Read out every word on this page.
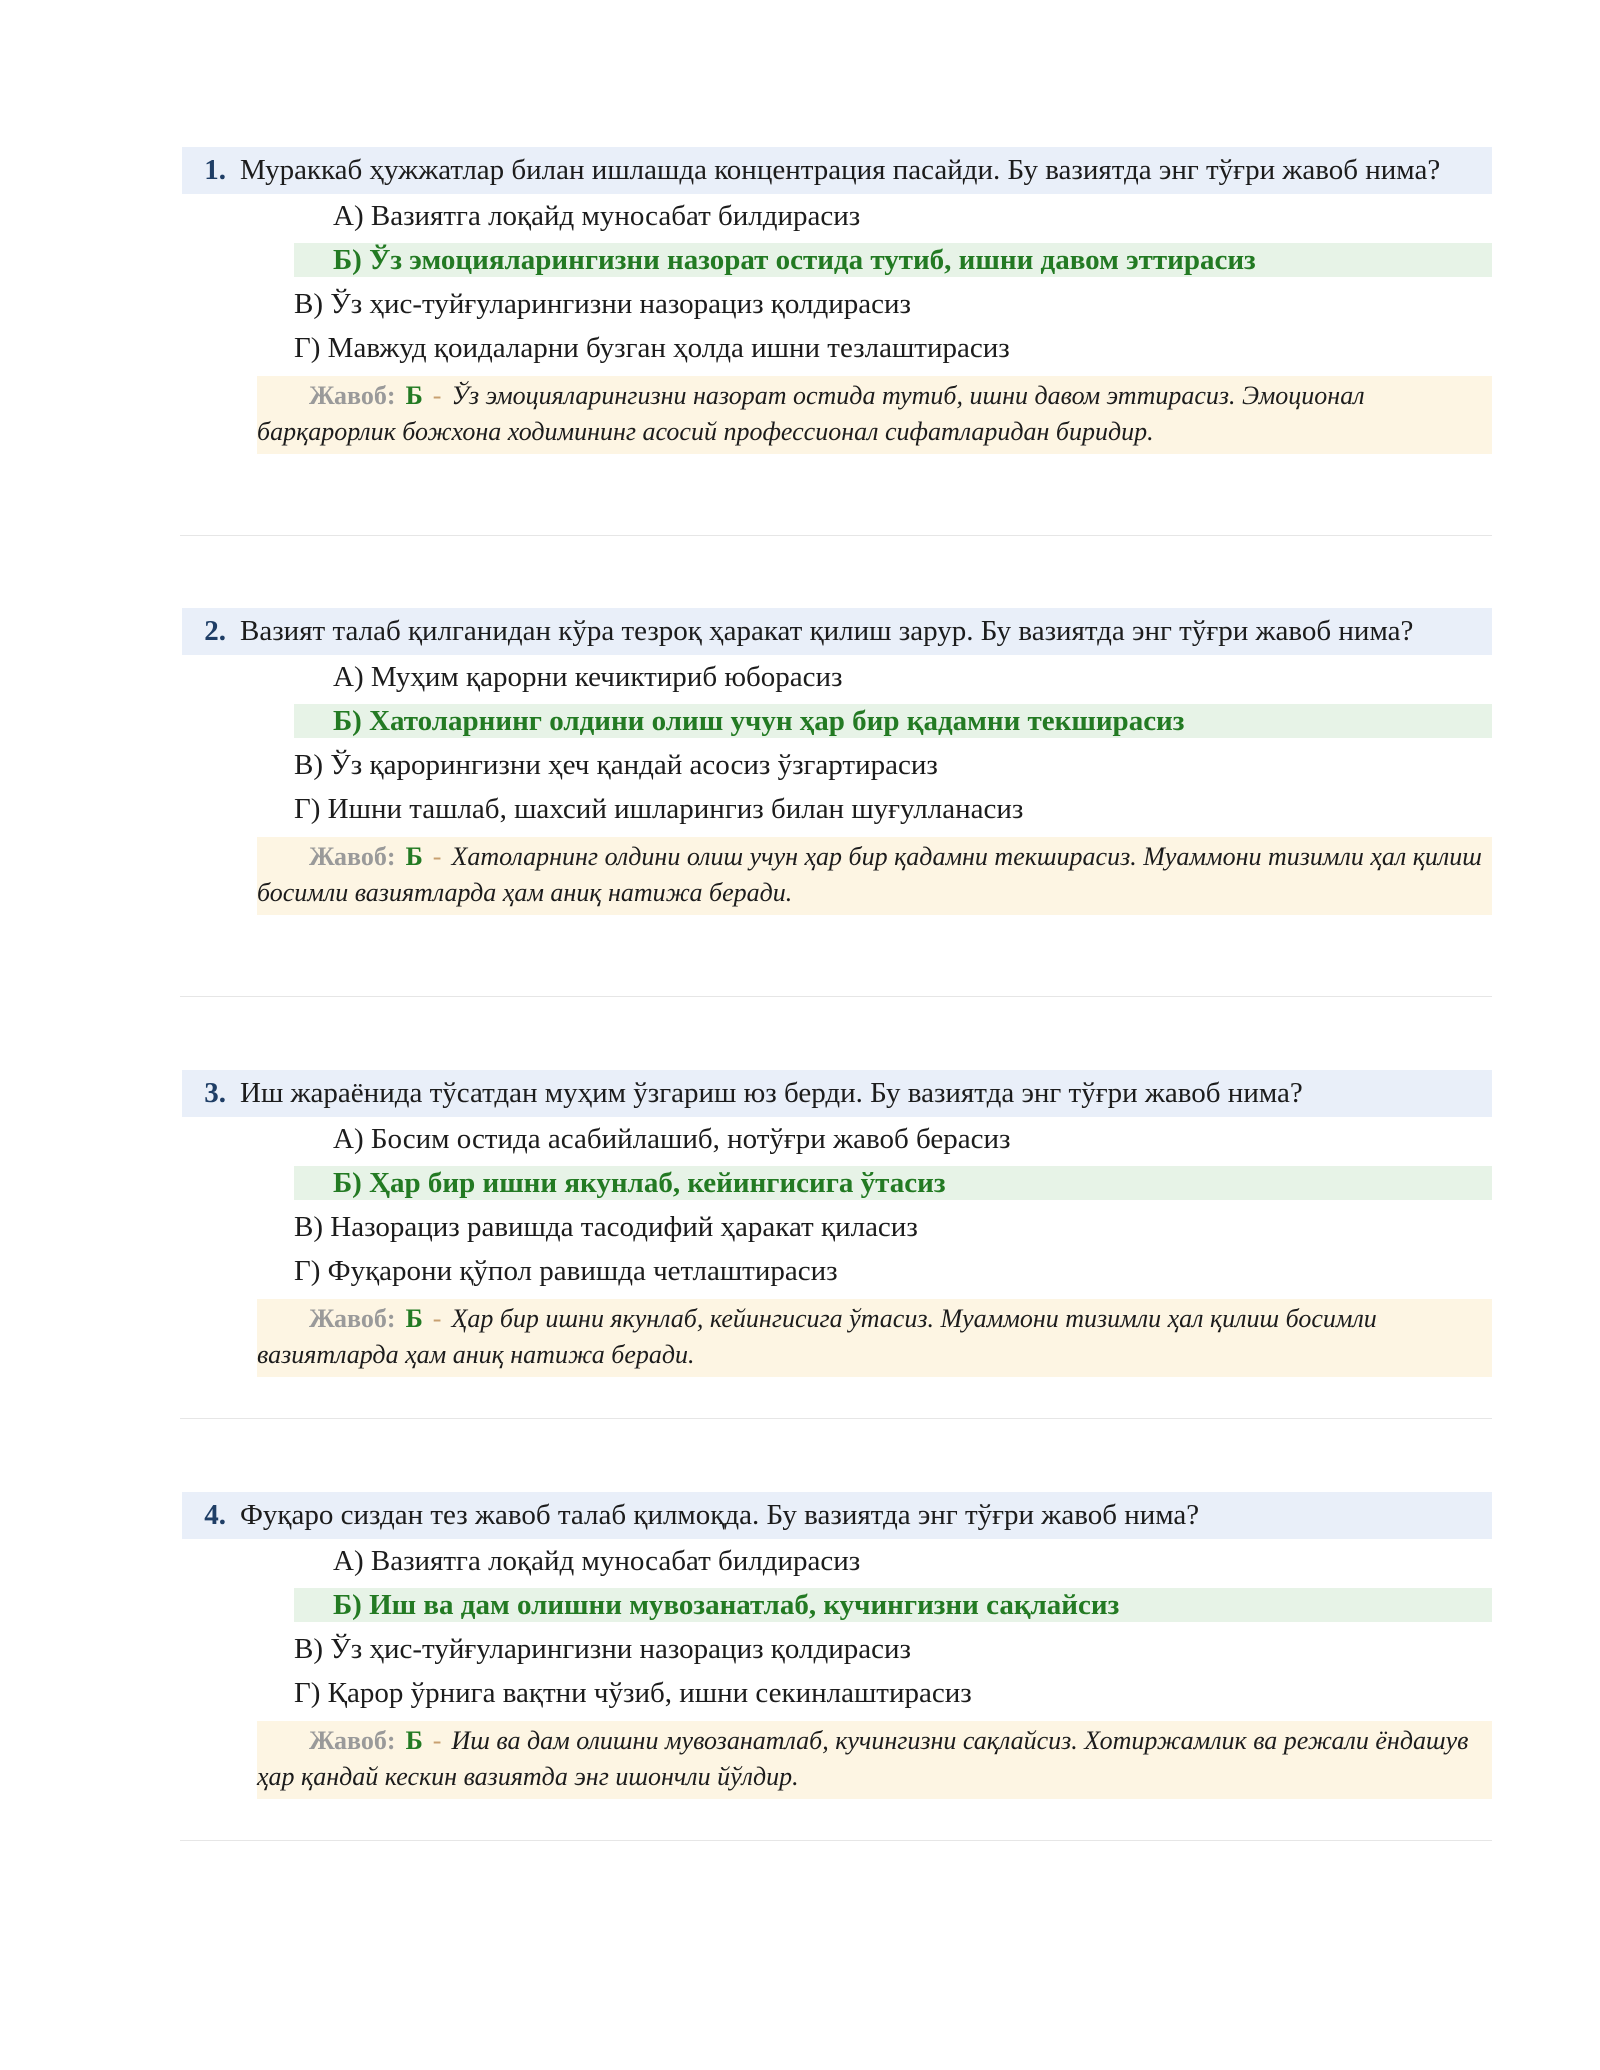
1. Мураккаб ҳужжатлар билан ишлашда концентрация пасайди. Бу вазиятда энг тўғри жавоб нима?
А) Вазиятга лоқайд муносабат билдирасиз
Б) Ўз эмоцияларингизни назорат остида тутиб, ишни давом эттирасиз
В) Ўз ҳис-туйғуларингизни назорациз қолдирасиз
Г) Мавжуд қоидаларни бузган ҳолда ишни тезлаштирасиз
Жавоб: Б - Ўз эмоцияларингизни назорат остида тутиб, ишни давом эттирасиз. Эмоционал барқарорлик божхона ходимининг асосий профессионал сифатларидан биридир.
2. Вазият талаб қилганидан кўра тезроқ ҳаракат қилиш зарур. Бу вазиятда энг тўғри жавоб нима?
А) Муҳим қарорни кечиктириб юборасиз
Б) Хатоларнинг олдини олиш учун ҳар бир қадамни текширасиз
В) Ўз қарорингизни ҳеч қандай асосиз ўзгартирасиз
Г) Ишни ташлаб, шахсий ишларингиз билан шуғулланасиз
Жавоб: Б - Хатоларнинг олдини олиш учун ҳар бир қадамни текширасиз. Муаммони тизимли ҳал қилиш босимли вазиятларда ҳам аниқ натижа беради.
3. Иш жараёнида тўсатдан муҳим ўзгариш юз берди. Бу вазиятда энг тўғри жавоб нима?
А) Босим остида асабийлашиб, нотўғри жавоб берасиз
Б) Ҳар бир ишни якунлаб, кейингисига ўтасиз
В) Назорациз равишда тасодифий ҳаракат қиласиз
Г) Фуқарони қўпол равишда четлаштирасиз
Жавоб: Б - Ҳар бир ишни якунлаб, кейингисига ўтасиз. Муаммони тизимли ҳал қилиш босимли вазиятларда ҳам аниқ натижа беради.
4. Фуқаро сиздан тез жавоб талаб қилмоқда. Бу вазиятда энг тўғри жавоб нима?
А) Вазиятга лоқайд муносабат билдирасиз
Б) Иш ва дам олишни мувозанатлаб, кучингизни сақлайсиз
В) Ўз ҳис-туйғуларингизни назорациз қолдирасиз
Г) Қарор ўрнига вақтни чўзиб, ишни секинлаштирасиз
Жавоб: Б - Иш ва дам олишни мувозанатлаб, кучингизни сақлайсиз. Хотиржамлик ва режали ёндашув ҳар қандай кескин вазиятда энг ишончли йўлдир.
